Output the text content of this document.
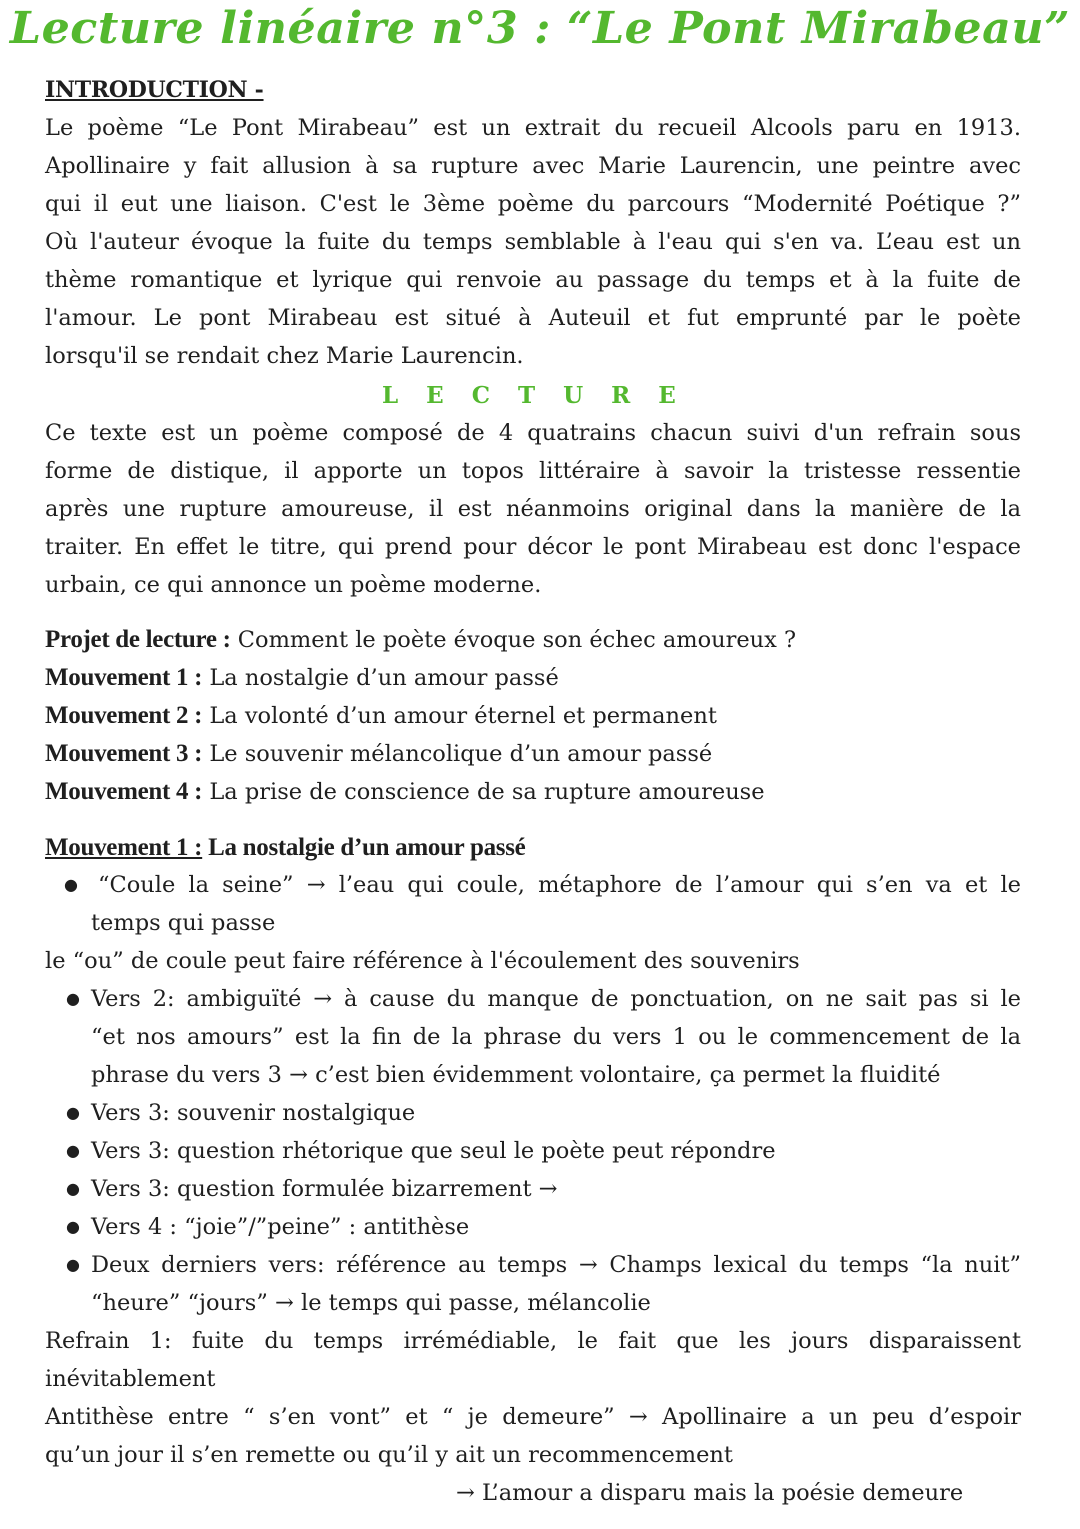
Lecture linéaire n°3 : “Le Pont Mirabeau”
INTRODUCTION -
Le poème “Le Pont Mirabeau” est un extrait du recueil Alcools paru en 1913.
Apollinaire y fait allusion à sa rupture avec Marie Laurencin, une peintre avec
qui il eut une liaison. C'est le 3ème poème du parcours “Modernité Poétique ?”
Où l'auteur évoque la fuite du temps semblable à l'eau qui s'en va. L’eau est un
thème romantique et lyrique qui renvoie au passage du temps et à la fuite de
l'amour. Le pont Mirabeau est situé à Auteuil et fut emprunté par le poète
lorsqu'il se rendait chez Marie Laurencin.
LECTURE
Ce texte est un poème composé de 4 quatrains chacun suivi d'un refrain sous
forme de distique, il apporte un topos littéraire à savoir la tristesse ressentie
après une rupture amoureuse, il est néanmoins original dans la manière de la
traiter. En effet le titre, qui prend pour décor le pont Mirabeau est donc l'espace
urbain, ce qui annonce un poème moderne.
Projet de lecture : Comment le poète évoque son échec amoureux ?
Mouvement 1 : La nostalgie d’un amour passé
Mouvement 2 : La volonté d’un amour éternel et permanent
Mouvement 3 : Le souvenir mélancolique d’un amour passé
Mouvement 4 : La prise de conscience de sa rupture amoureuse
Mouvement 1 : La nostalgie d’un amour passé
● “Coule la seine” → l’eau qui coule, métaphore de l’amour qui s’en va et le
temps qui passe
le “ou” de coule peut faire référence à l'écoulement des souvenirs
● Vers 2: ambiguïté → à cause du manque de ponctuation, on ne sait pas si le
“et nos amours” est la fin de la phrase du vers 1 ou le commencement de la
phrase du vers 3 → c’est bien évidemment volontaire, ça permet la fluidité
● Vers 3: souvenir nostalgique
● Vers 3: question rhétorique que seul le poète peut répondre
● Vers 3: question formulée bizarrement →
● Vers 4 : “joie”/”peine” : antithèse
● Deux derniers vers: référence au temps → Champs lexical du temps “la nuit”
“heure” “jours” → le temps qui passe, mélancolie
Refrain 1: fuite du temps irrémédiable, le fait que les jours disparaissent
inévitablement
Antithèse entre “ s’en vont” et “ je demeure” → Apollinaire a un peu d’espoir
qu’un jour il s’en remette ou qu’il y ait un recommencement
→ L’amour a disparu mais la poésie demeure
